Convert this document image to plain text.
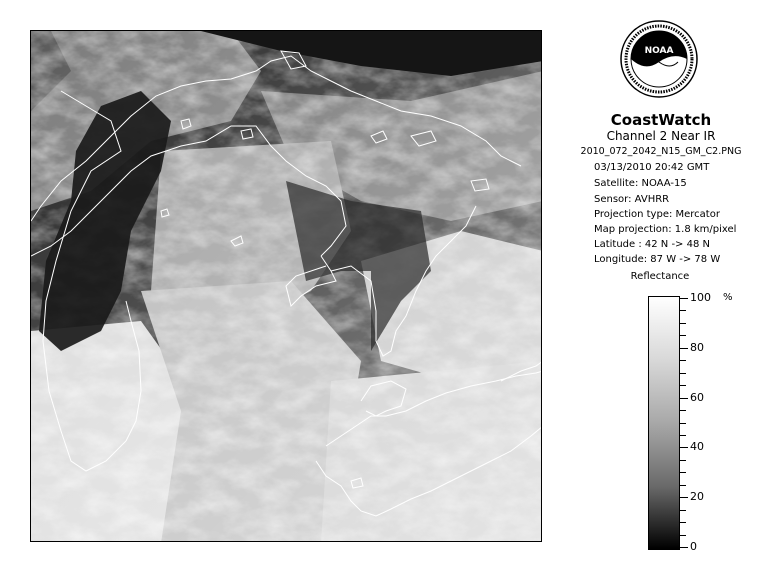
NOAA
CoastWatch
Channel 2 Near IR
2010_072_2042_N15_GM_C2.PNG
03/13/2010 20:42 GMT
Satellite: NOAA-15
Sensor: AVHRR
Projection type: Mercator
Map projection: 1.8 km/pixel
Latitude : 42 N -> 48 N
Longitude: 87 W -> 78 W
Reflectance
%
100
80
60
40
20
0
